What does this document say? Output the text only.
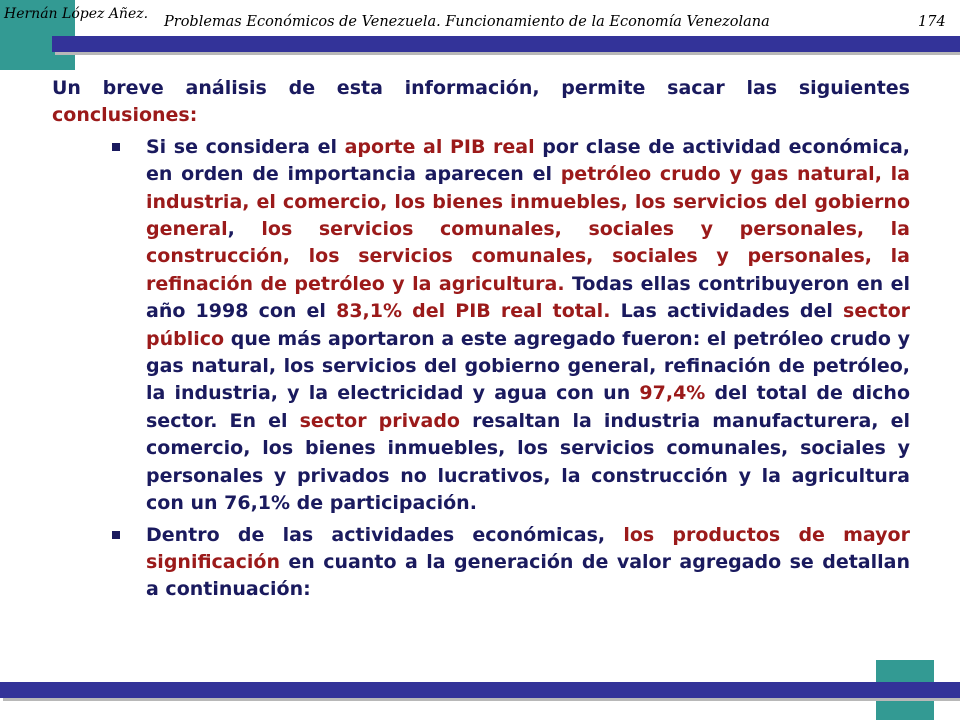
Hernán López Añez. Problemas Económicos de Venezuela. Funcionamiento de la Economía Venezolana	174

Un breve análisis de esta información, permite sacar las siguientes

conclusiones:

Si se considera el aporte al PIB real por clase de actividad económica, en orden de importancia aparecen el petróleo crudo y gas natural, la industria, el comercio, los bienes inmuebles, los servicios del gobierno general, los servicios comunales, sociales y personales, la construcción, los servicios comunales, sociales y personales, la refinación de petróleo y la agricultura. Todas ellas contribuyeron en el año 1998 con el 83,1% del PIB real total. Las actividades del sector público que más aportaron a este agregado fueron: el petróleo crudo y gas natural, los servicios del gobierno general, refinación de petróleo, la industria, y la electricidad y agua con un 97,4% del total de dicho sector. En el sector privado resaltan la industria manufacturera, el comercio, los bienes inmuebles, los servicios comunales, sociales y personales y privados no lucrativos, la construcción y la agricultura con un 76,1% de participación.

Dentro de las actividades económicas, los productos de mayor significación en cuanto a la generación de valor agregado se detallan a continuación:
